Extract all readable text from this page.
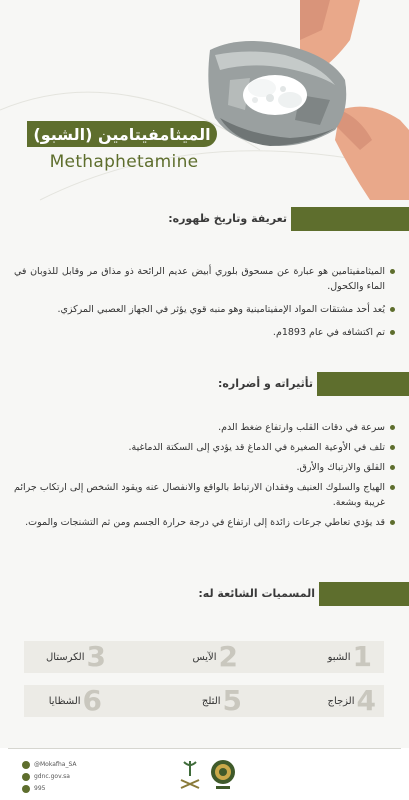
الميثامفيتامين (الشبو)
Methaphetamine
تعريفة وتاريخ ظهوره:
الميثامفيتامين هو عبارة عن مسحوق بلوري أبيض عديم الرائحة ذو مذاق مر وقابل للذوبان في الماء والكحول.
يُعد أحد مشتقات المواد الإمفيتامينية وهو منبه قوي يؤثر في الجهاز العصبي المركزي.
تم اكتشافه في عام 1893م.
تأثيراته و أضراره:
سرعة في دقات القلب وارتفاع ضغط الدم.
تلف في الأوعية الصغيرة في الدماغ قد يؤدي إلى السكتة الدماغية.
القلق والارتباك والأرق.
الهياج والسلوك العنيف وفقدان الارتباط بالواقع والانفصال عنه ويقود الشخص إلى ارتكاب جرائم غريبة وبشعة.
قد يؤدي تعاطي جرعات زائدة إلى ارتفاع في درجة حرارة الجسم ومن ثم التشنجات والموت.
المسميات الشائعة له:
1
الشبو
2
الآيس
3
الكرستال
4
الزجاج
5
الثلج
6
الشظايا
@Mokafha_SA
gdnc.gov.sa
995
